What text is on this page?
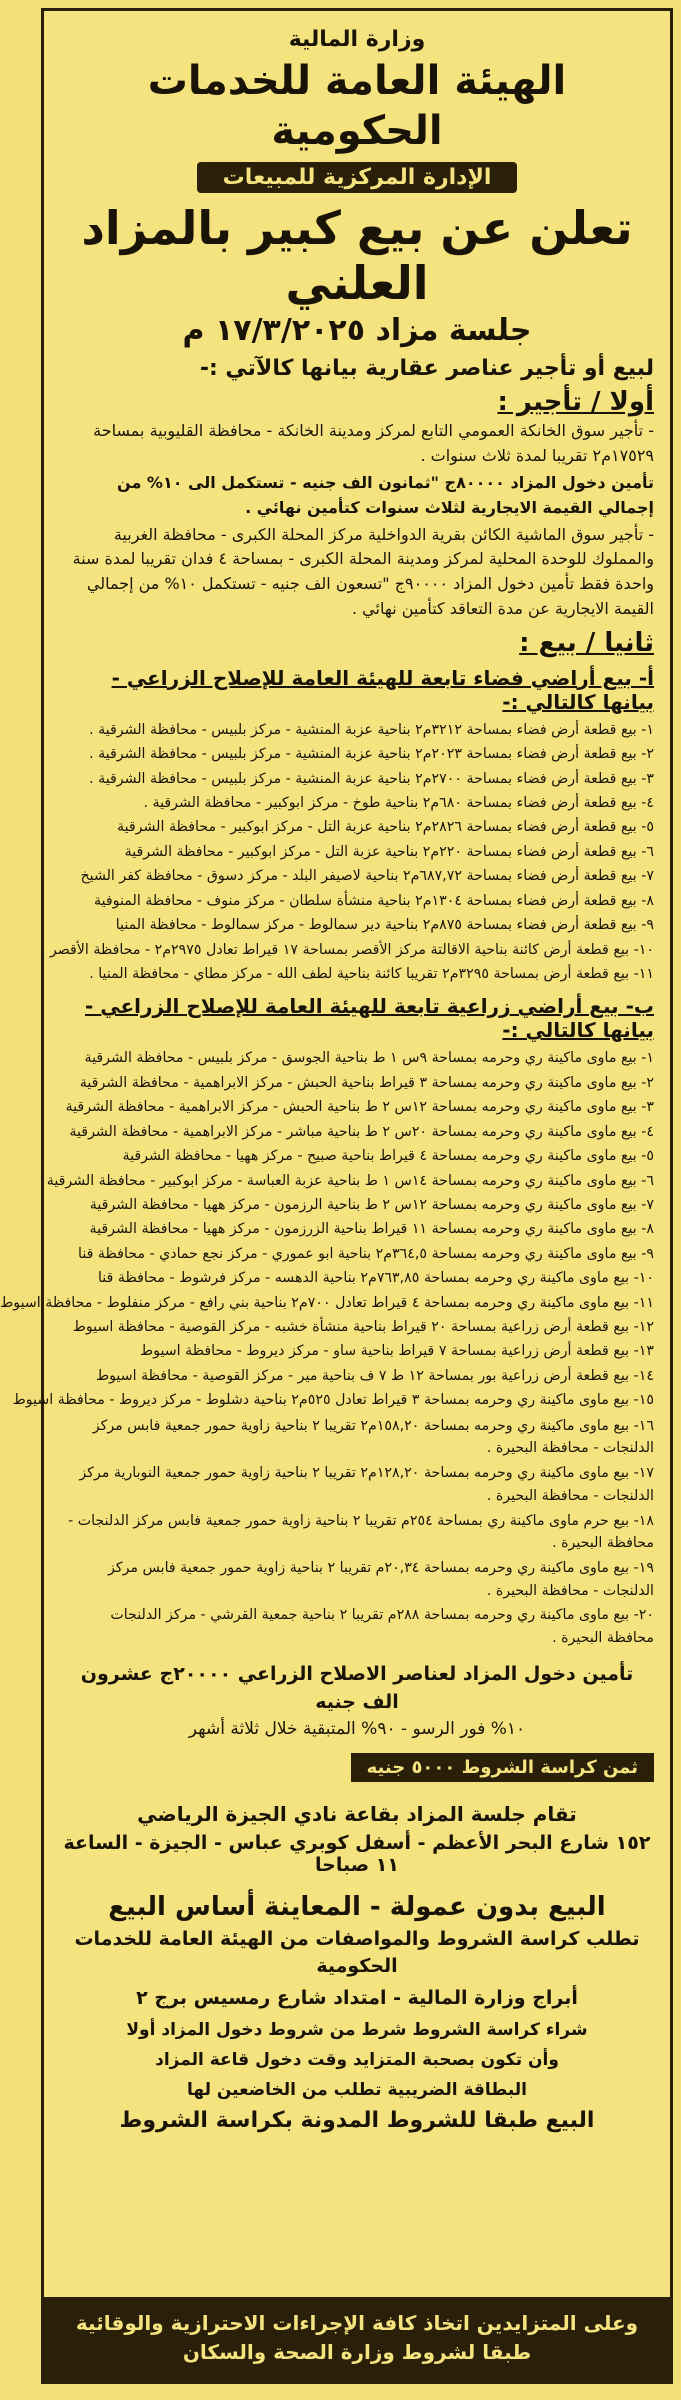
وزارة المالية
الهيئة العامة للخدمات الحكومية
الإدارة المركزية للمبيعات
تعلن عن بيع كبير بالمزاد العلني
جلسة مزاد ١٧/٣/٢٠٢٥ م
لبيع أو تأجير عناصر عقارية بيانها كالآتي :-
أولا / تأجير :
- تأجير سوق الخانكة العمومي التابع لمركز ومدينة الخانكة - محافظة القليوبية بمساحة ١٧٥٢٩م٢ تقريبا لمدة ثلاث سنوات .
تأمين دخول المزاد ٨٠٠٠٠ج "ثمانون الف جنيه - تستكمل الى ١٠% من إجمالي القيمة الايجارية لثلاث سنوات كتأمين نهائي .
- تأجير سوق الماشية الكائن بقرية الدواخلية مركز المحلة الكبرى - محافظة الغربية والمملوك للوحدة المحلية لمركز ومدينة المحلة الكبرى - بمساحة ٤ فدان تقريبا لمدة سنة واحدة فقط تأمين دخول المزاد ٩٠٠٠٠ج "تسعون الف جنيه - تستكمل ١٠% من إجمالي القيمة الايجارية عن مدة التعاقد كتأمين نهائي .
ثانيا / بيع :
أ- بيع أراضي فضاء تابعة للهيئة العامة للإصلاح الزراعي - بيانها كالتالي :-
١- بيع قطعة أرض فضاء بمساحة ٣٢١٢م٢ بناحية عزبة المنشية - مركز بلبيس - محافظة الشرقية .
٢- بيع قطعة أرض فضاء بمساحة ٢٠٢٣م٢ بناحية عزبة المنشية - مركز بلبيس - محافظة الشرقية .
٣- بيع قطعة أرض فضاء بمساحة ٢٧٠٠م٢ بناحية عزبة المنشية - مركز بلبيس - محافظة الشرقية .
٤- بيع قطعة أرض فضاء بمساحة ٦٨٠م٢ بناحية طوخ - مركز ابوكبير - محافظة الشرقية .
٥- بيع قطعة أرض فضاء بمساحة ٢٨٢٦م٢ بناحية عزبة التل - مركز ابوكبير - محافظة الشرقية
٦- بيع قطعة أرض فضاء بمساحة ٢٢٠م٢ بناحية عزبة التل - مركز ابوكبير - محافظة الشرقية
٧- بيع قطعة أرض فضاء بمساحة ٦٨٧,٧٢م٢ بناحية لاصيفر البلد - مركز دسوق - محافظة كفر الشيخ
٨- بيع قطعة أرض فضاء بمساحة ١٣٠٤م٢ بناحية منشأة سلطان - مركز منوف - محافظة المنوفية
٩- بيع قطعة أرض فضاء بمساحة ٨٧٥م٢ بناحية دير سمالوط - مركز سمالوط - محافظة المنيا
١٠- بيع قطعة أرض كائنة بناحية الاقالتة مركز الأقصر بمساحة ١٧ قيراط تعادل ٢٩٧٥م٢ - محافظة الأقصر .
١١- بيع قطعة أرض بمساحة ٣٢٩٥م٢ تقريبا كائنة بناحية لطف الله - مركز مطاي - محافظة المنيا .
ب- بيع أراضي زراعية تابعة للهيئة العامة للإصلاح الزراعي - بيانها كالتالي :-
١- بيع ماوى ماكينة ري وحرمه بمساحة ٩س ١ ط بناحية الجوسق - مركز بلبيس - محافظة الشرقية
٢- بيع ماوى ماكينة ري وحرمه بمساحة ٣ قيراط بناحية الحبش - مركز الابراهمية - محافظة الشرقية
٣- بيع ماوى ماكينة ري وحرمه بمساحة ١٢س ٢ ط بناحية الحبش - مركز الابراهمية - محافظة الشرقية
٤- بيع ماوى ماكينة ري وحرمه بمساحة ٢٠س ٢ ط بناحية مباشر - مركز الابراهمية - محافظة الشرقية
٥- بيع ماوى ماكينة ري وحرمه بمساحة ٤ قيراط بناحية صبيح - مركز ههيا - محافظة الشرقية
٦- بيع ماوى ماكينة ري وحرمه بمساحة ١٤س ١ ط بناحية عزبة العباسة - مركز ابوكبير - محافظة الشرقية
٧- بيع ماوى ماكينة ري وحرمه بمساحة ١٢س ٢ ط بناحية الرزمون - مركز ههيا - محافظة الشرقية
٨- بيع ماوى ماكينة ري وحرمه بمساحة ١١ قيراط بناحية الزرزمون - مركز ههيا - محافظة الشرقية
٩- بيع ماوى ماكينة ري وحرمه بمساحة ٣٦٤,٥م٢ بناحية ابو عموري - مركز نجع حمادي - محافظة قنا
١٠- بيع ماوى ماكينة ري وحرمه بمساحة ٧٦٣,٨٥م٢ بناحية الدهسه - مركز فرشوط - محافظة قنا
١١- بيع ماوى ماكينة ري وحرمه بمساحة ٤ قيراط تعادل ٧٠٠م٢ بناحية بني رافع - مركز منفلوط - محافظة اسيوط
١٢- بيع قطعة أرض زراعية بمساحة ٢٠ قيراط بناحية منشأة خشبه - مركز القوصية - محافظة اسيوط
١٣- بيع قطعة أرض زراعية بمساحة ٧ قيراط بناحية ساو - مركز ديروط - محافظة اسيوط
١٤- بيع قطعة أرض زراعية بور بمساحة ١٢ ط ٧ ف بناحية مير - مركز القوصية - محافظة اسيوط
١٥- بيع ماوى ماكينة ري وحرمه بمساحة ٣ قيراط تعادل ٥٢٥م٢ بناحية دشلوط - مركز ديروط - محافظة اسيوط
١٦- بيع ماوى ماكينة ري وحرمه بمساحة ١٥٨,٢٠م٢ تقريبا ٢ بناحية زاوية حمور جمعية فابس مركز الدلنجات - محافظة البحيرة .
١٧- بيع ماوى ماكينة ري وحرمه بمساحة ١٢٨,٢٠م٢ تقريبا ٢ بناحية زاوية حمور جمعية النوبارية مركز الدلنجات - محافظة البحيرة .
١٨- بيع حرم ماوى ماكينة ري بمساحة ٢٥٤م تقريبا ٢ بناحية زاوية حمور جمعية فابس مركز الدلنجات - محافظة البحيرة .
١٩- بيع ماوى ماكينة ري وحرمه بمساحة ٢٠,٣٤م تقريبا ٢ بناحية زاوية حمور جمعية فابس مركز الدلنجات - محافظة البحيرة .
٢٠- بيع ماوى ماكينة ري وحرمه بمساحة ٢٨٨م تقريبا ٢ بناحية جمعية القرشي - مركز الدلنجات محافظة البحيرة .
تأمين دخول المزاد لعناصر الاصلاح الزراعي ٢٠٠٠٠ج عشرون الف جنيه
١٠% فور الرسو - ٩٠% المتبقية خلال ثلاثة أشهر
ثمن كراسة الشروط ٥٠٠٠ جنيه
تقام جلسة المزاد بقاعة نادي الجيزة الرياضي
١٥٢ شارع البحر الأعظم - أسفل كوبري عباس - الجيزة - الساعة ١١ صباحا
البيع بدون عمولة - المعاينة أساس البيع
تطلب كراسة الشروط والمواصفات من الهيئة العامة للخدمات الحكومية
أبراج وزارة المالية - امتداد شارع رمسيس برج ٢
شراء كراسة الشروط شرط من شروط دخول المزاد أولا
وأن تكون بصحبة المتزايد وقت دخول قاعة المزاد
البطاقة الضريبية تطلب من الخاضعين لها
البيع طبقا للشروط المدونة بكراسة الشروط
وعلى المتزايدين اتخاذ كافة الإجراءات الاحترازية والوقائية
طبقا لشروط وزارة الصحة والسكان
